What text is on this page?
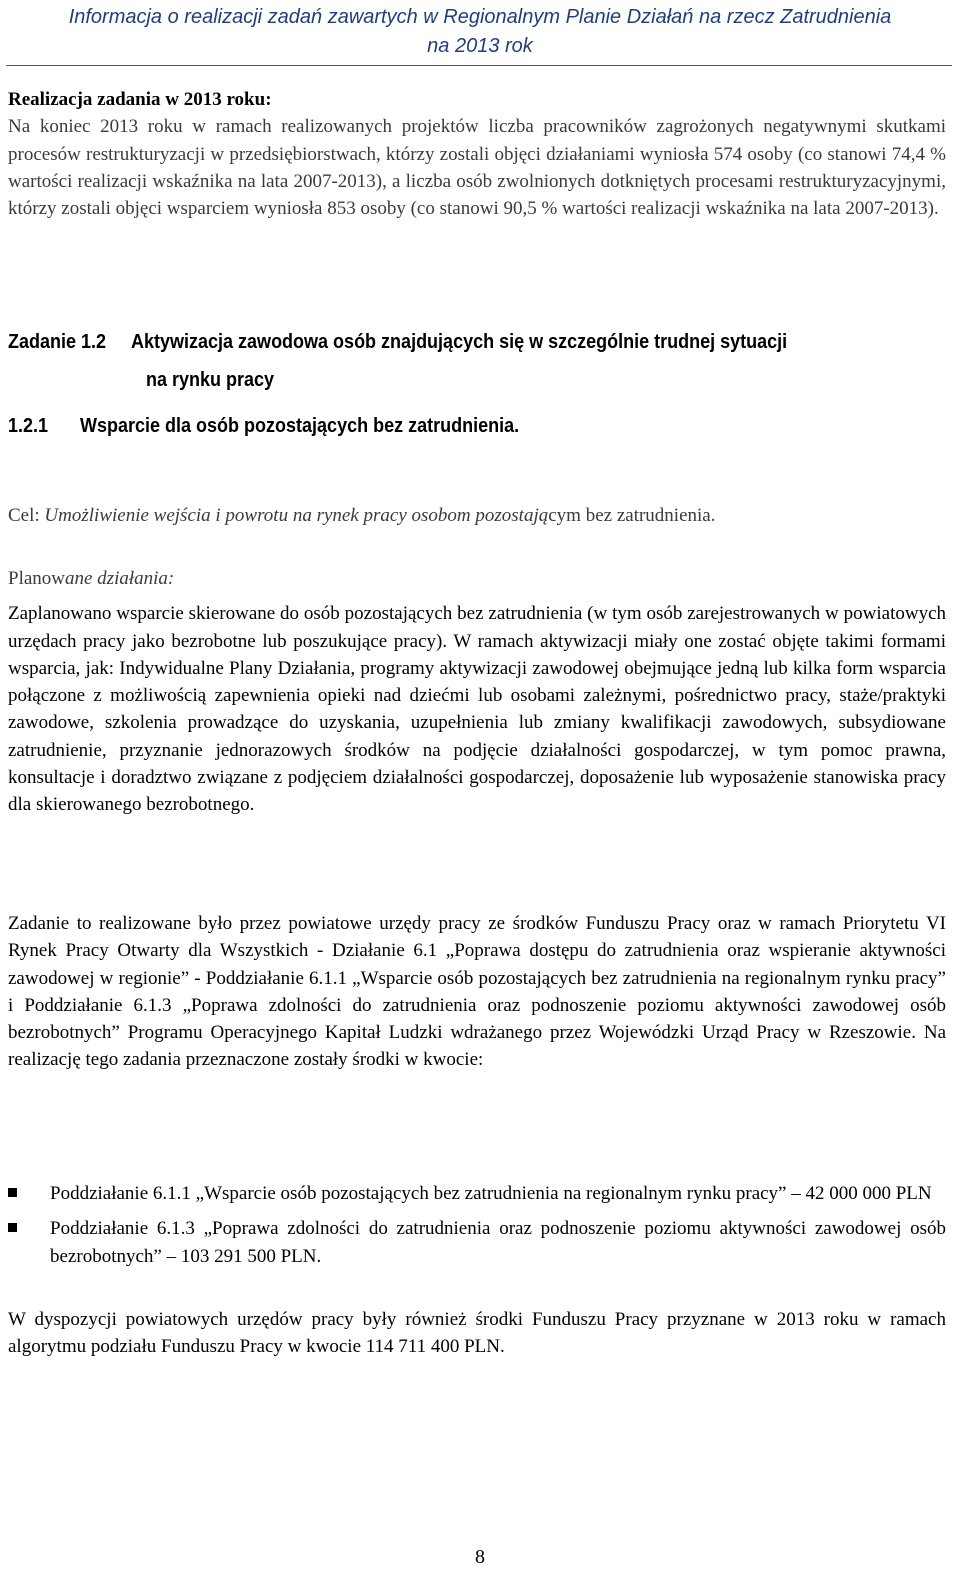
Informacja o realizacji zadań zawartych w Regionalnym Planie Działań na rzecz Zatrudnienia
na 2013 rok

Realizacja zadania w 2013 roku:

Na koniec 2013 roku w ramach realizowanych projektów liczba pracowników zagrożonych negatywnymi skutkami procesów restrukturyzacji w przedsiębiorstwach, którzy zostali objęci działaniami wyniosła 574 osoby (co stanowi 74,4 % wartości realizacji wskaźnika na lata 2007-2013), a liczba osób zwolnionych dotkniętych procesami restrukturyzacyjnymi, którzy zostali objęci wsparciem wyniosła 853 osoby (co stanowi 90,5 % wartości realizacji wskaźnika na lata 2007-2013).

Zadanie 1.2 Aktywizacja zawodowa osób znajdujących się w szczególnie trudnej sytuacji
na rynku pracy
1.2.1 Wsparcie dla osób pozostających bez zatrudnienia.

Cel: Umożliwienie wejścia i powrotu na rynek pracy osobom pozostającym bez zatrudnienia.

Planowane działania:

Zaplanowano wsparcie skierowane do osób pozostających bez zatrudnienia (w tym osób zarejestrowanych w powiatowych urzędach pracy jako bezrobotne lub poszukujące pracy). W ramach aktywizacji miały one zostać objęte takimi formami wsparcia, jak: Indywidualne Plany Działania, programy aktywizacji zawodowej obejmujące jedną lub kilka form wsparcia połączone z możliwością zapewnienia opieki nad dziećmi lub osobami zależnymi, pośrednictwo pracy, staże/praktyki zawodowe, szkolenia prowadzące do uzyskania, uzupełnienia lub zmiany kwalifikacji zawodowych, subsydiowane zatrudnienie, przyznanie jednorazowych środków na podjęcie działalności gospodarczej, w tym pomoc prawna, konsultacje i doradztwo związane z podjęciem działalności gospodarczej, doposażenie lub wyposażenie stanowiska pracy dla skierowanego bezrobotnego.

Zadanie to realizowane było przez powiatowe urzędy pracy ze środków Funduszu Pracy oraz w ramach Priorytetu VI Rynek Pracy Otwarty dla Wszystkich - Działanie 6.1 „Poprawa dostępu do zatrudnienia oraz wspieranie aktywności zawodowej w regionie” - Poddziałanie 6.1.1 „Wsparcie osób pozostających bez zatrudnienia na regionalnym rynku pracy” i Poddziałanie 6.1.3 „Poprawa zdolności do zatrudnienia oraz podnoszenie poziomu aktywności zawodowej osób bezrobotnych” Programu Operacyjnego Kapitał Ludzki wdrażanego przez Wojewódzki Urząd Pracy w Rzeszowie. Na realizację tego zadania przeznaczone zostały środki w kwocie:

Poddziałanie 6.1.1 „Wsparcie osób pozostających bez zatrudnienia na regionalnym rynku pracy” – 42 000 000 PLN

Poddziałanie 6.1.3 „Poprawa zdolności do zatrudnienia oraz podnoszenie poziomu aktywności zawodowej osób bezrobotnych” – 103 291 500 PLN.

W dyspozycji powiatowych urzędów pracy były również środki Funduszu Pracy przyznane w 2013 roku w ramach algorytmu podziału Funduszu Pracy w kwocie 114 711 400 PLN.

8
